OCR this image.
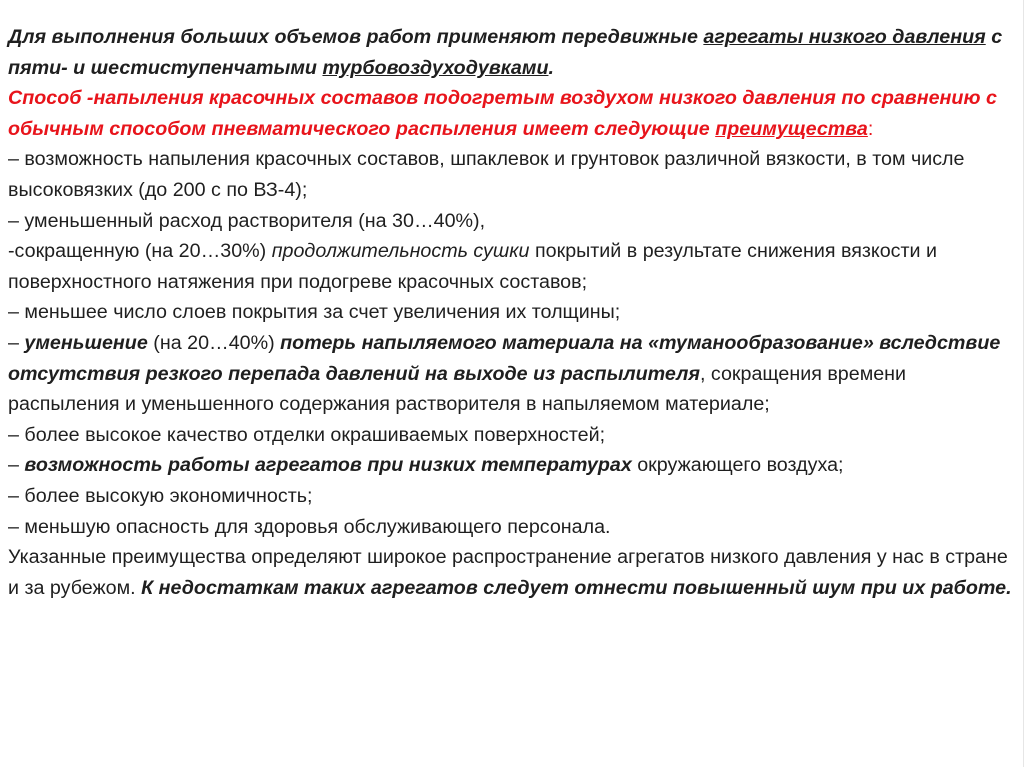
Для выполнения больших объемов работ применяют передвижные агрегаты низкого давления с пяти- и шестиступенчатыми турбовоздуходувками.

Способ -напыления красочных составов подогретым воздухом низкого давления по сравнению с обычным способом пневматического распыления имеет следующие преимущества:

– возможность напыления красочных составов, шпаклевок и грунтовок различной вязкости, в том числе высоковязких (до 200 с по ВЗ-4);

– уменьшенный расход растворителя (на 30…40%),

-сокращенную (на 20…30%) продолжительность сушки покрытий в результате снижения вязкости и поверхностного натяжения при подогреве красочных составов;

– меньшее число слоев покрытия за счет увеличения их толщины;

– уменьшение (на 20…40%) потерь напыляемого материала на «туманообразование» вследствие отсутствия резкого перепада давлений на выходе из распылителя, сокращения времени распыления и уменьшенного содержания растворителя в напыляемом материале;

– более высокое качество отделки окрашиваемых поверхностей;

– возможность работы агрегатов при низких температурах окружающего воздуха;

– более высокую экономичность;

– меньшую опасность для здоровья обслуживающего персонала.

Указанные преимущества определяют широкое распространение агрегатов низкого давления у нас в стране и за рубежом. К недостаткам таких агрегатов следует отнести повышенный шум при их работе.
